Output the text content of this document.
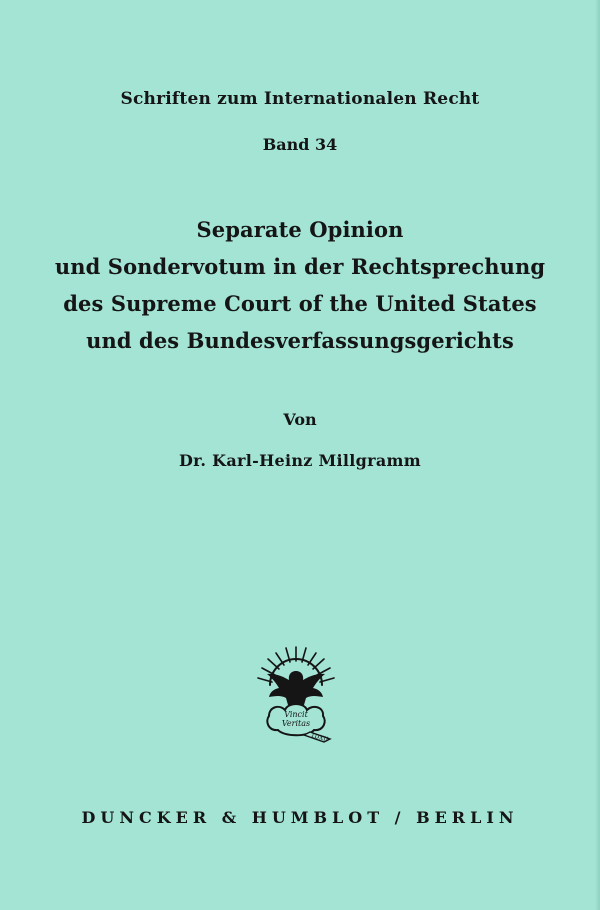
Schriften zum Internationalen Recht
Band 34
Separate Opinion
und Sondervotum in der Rechtsprechung
des Supreme Court of the United States
und des Bundesverfassungsgerichts
Von
Dr. Karl-Heinz Millgramm
Vincit
Veritas
1DXII
DUNCKER & HUMBLOT / BERLIN
